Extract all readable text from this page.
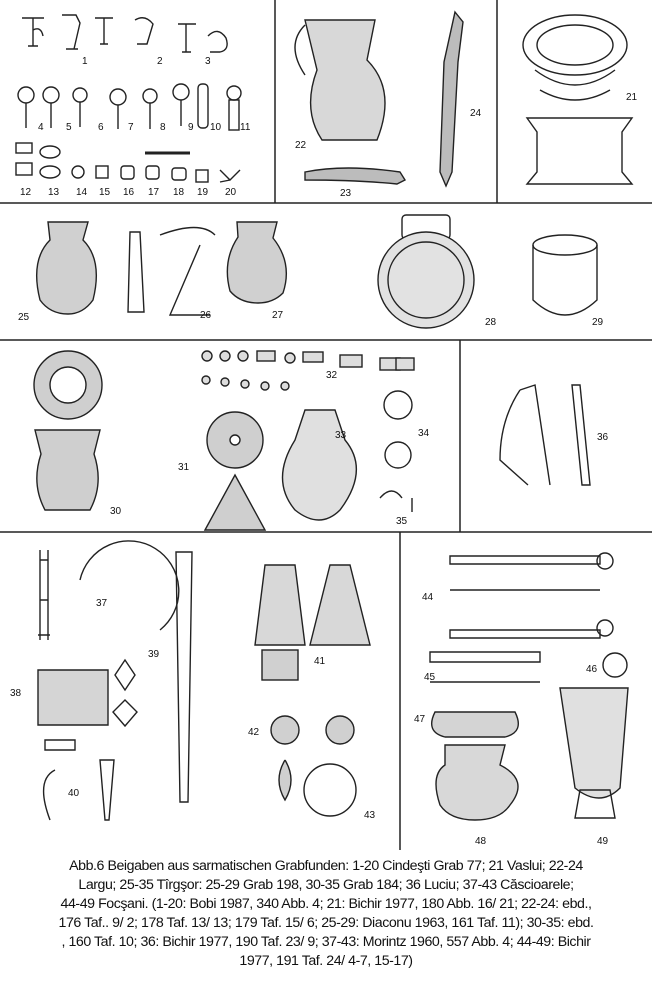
1	2	3
4 5	6 7	8 9 10 11
12 13 14 15 16 17 18 19 20
21
22
23
24
25	26	27
28	29
30
31
32
33	34
35
36
37
38
39
40
41
42
43
44
45
46
47
48	49
Abb.6 Beigaben aus sarmatischen Grabfunden: 1-20 Cindeşti Grab 77; 21 Vaslui; 22-24
Largu; 25-35 Tîrgşor: 25-29 Grab 198, 30-35 Grab 184; 36 Luciu; 37-43 Căscioarele;
44-49 Focşani. (1-20: Bobi 1987, 340 Abb. 4; 21: Bichir 1977, 180 Abb. 16/ 21; 22-24: ebd.,
176 Taf.. 9/ 2; 178 Taf. 13/ 13; 179 Taf. 15/ 6; 25-29: Diaconu 1963, 161 Taf. 11); 30-35: ebd.
, 160 Taf. 10; 36: Bichir 1977, 190 Taf. 23/ 9; 37-43: Morintz 1960, 557 Abb. 4; 44-49: Bichir
1977, 191 Taf. 24/ 4-7, 15-17)
